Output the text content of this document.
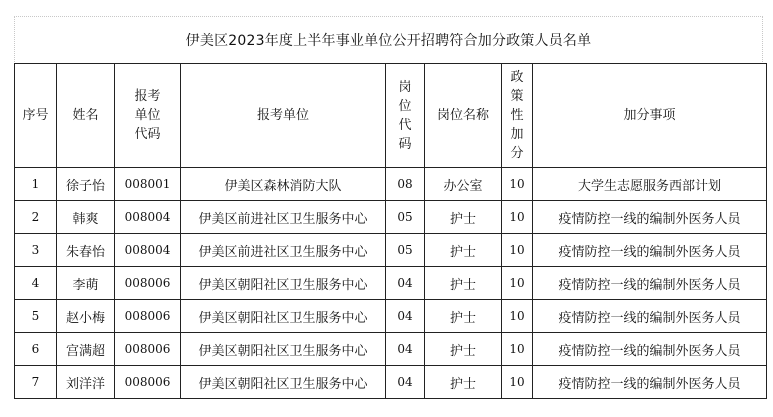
伊美区2023年度上半年事业单位公开招聘符合加分政策人员名单
序号	姓名	报考单位代码	报考单位	岗位代码	岗位名称	政策性加分	加分事项
1	徐子怡	008001	伊美区森林消防大队	08	办公室	10	大学生志愿服务西部计划
2	韩爽	008004	伊美区前进社区卫生服务中心	05	护士	10	疫情防控一线的编制外医务人员
3	朱春怡	008004	伊美区前进社区卫生服务中心	05	护士	10	疫情防控一线的编制外医务人员
4	李萌	008006	伊美区朝阳社区卫生服务中心	04	护士	10	疫情防控一线的编制外医务人员
5	赵小梅	008006	伊美区朝阳社区卫生服务中心	04	护士	10	疫情防控一线的编制外医务人员
6	宫满超	008006	伊美区朝阳社区卫生服务中心	04	护士	10	疫情防控一线的编制外医务人员
7	刘洋洋	008006	伊美区朝阳社区卫生服务中心	04	护士	10	疫情防控一线的编制外医务人员
